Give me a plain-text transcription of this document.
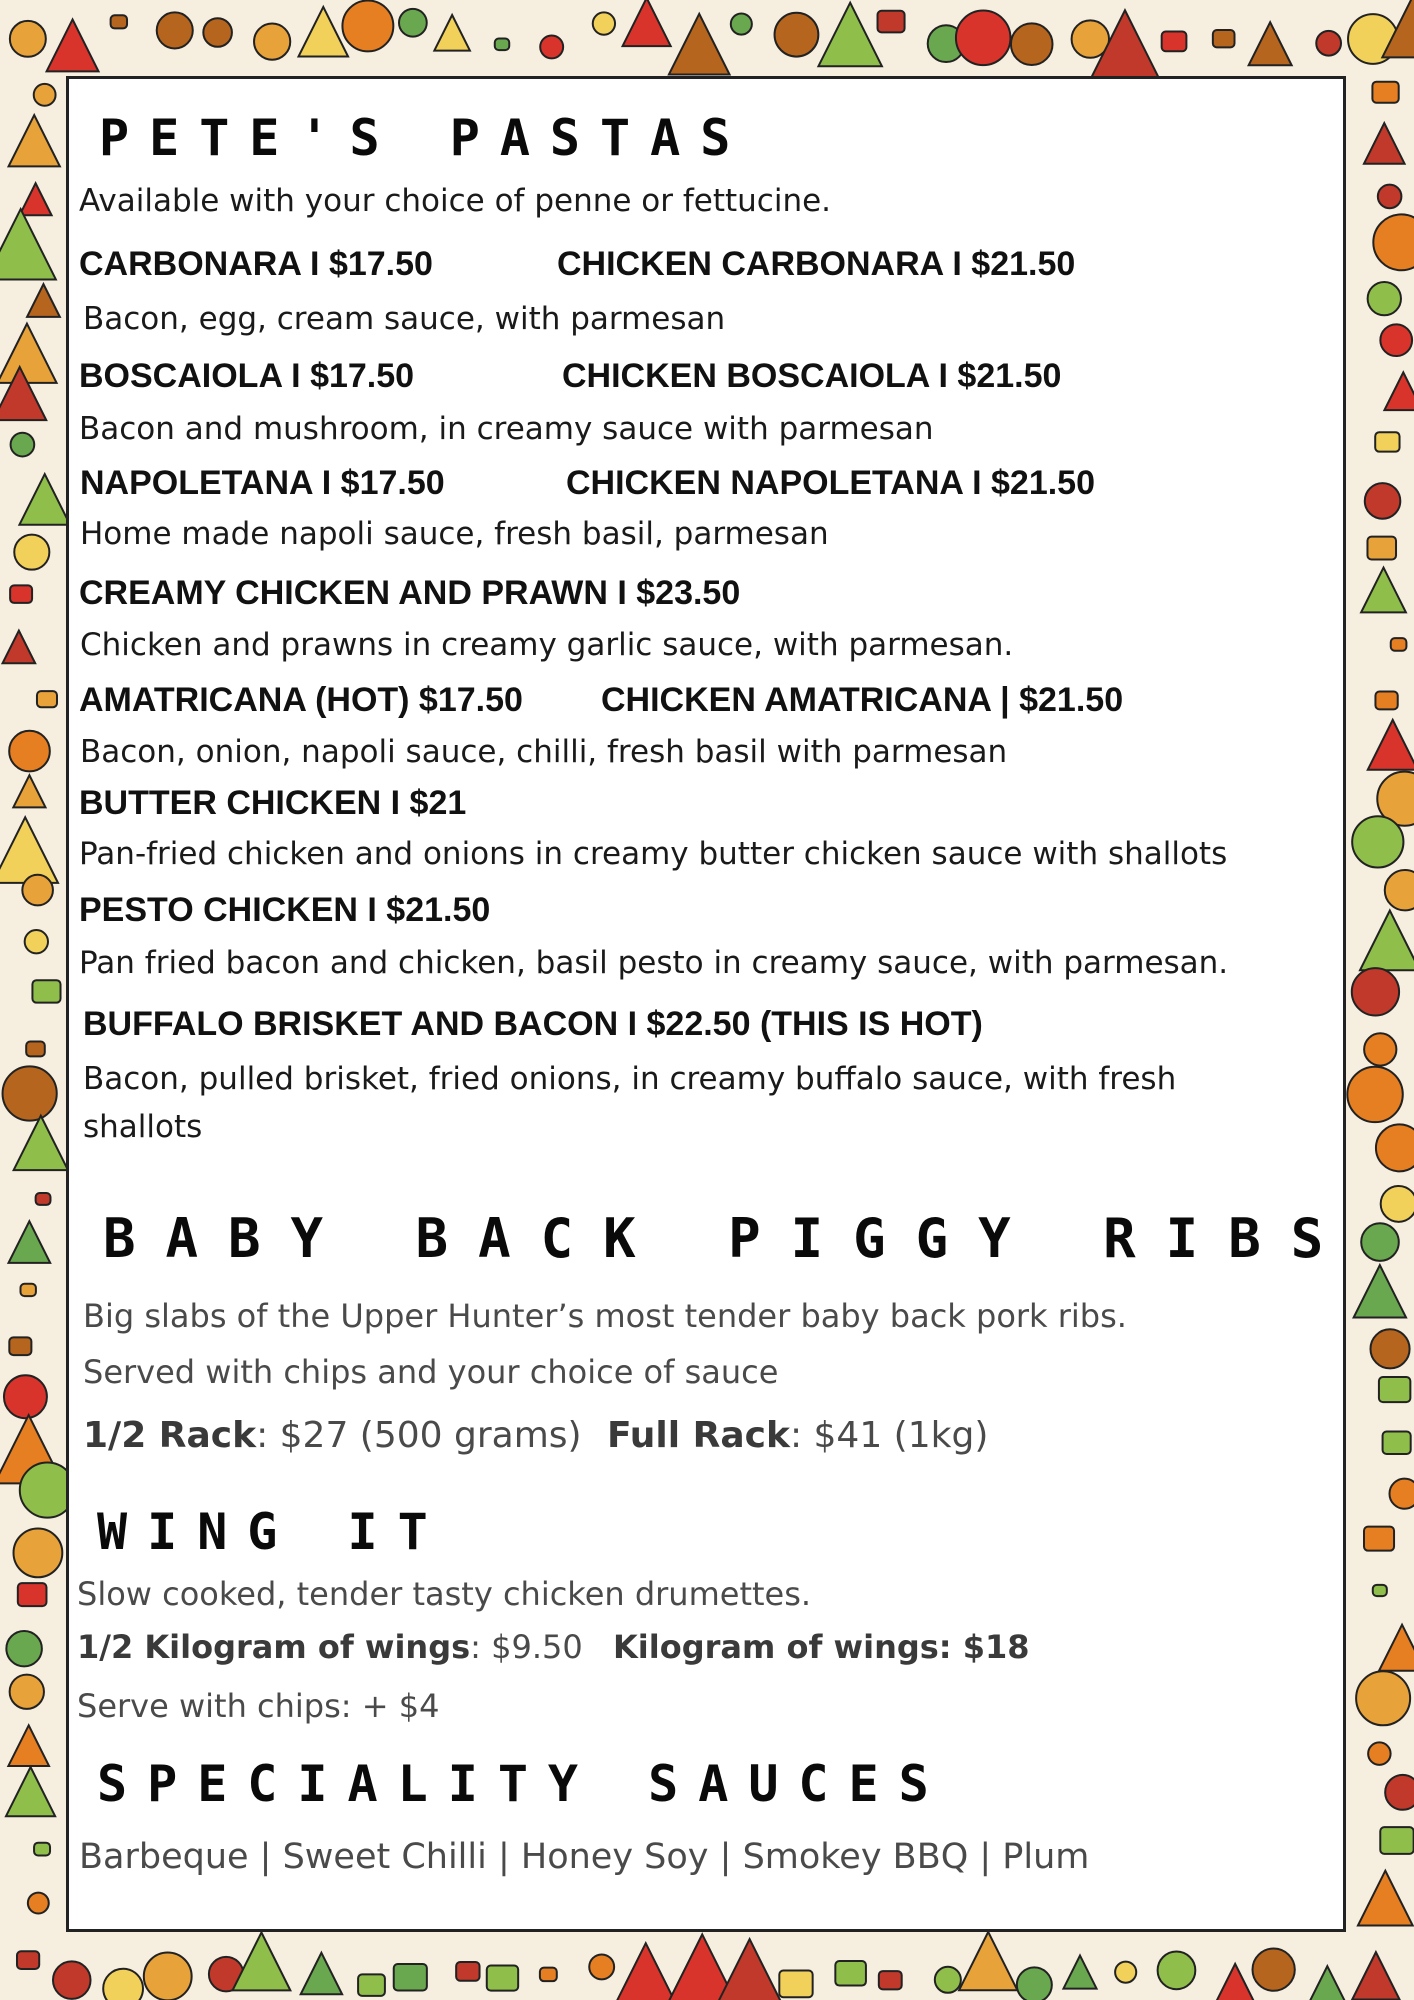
PETE'S PASTAS
Available with your choice of penne or fettucine.
CARBONARA I $17.50	CHICKEN CARBONARA I $21.50
Bacon, egg, cream sauce, with parmesan
BOSCAIOLA I $17.50	CHICKEN BOSCAIOLA I $21.50
Bacon and mushroom, in creamy sauce with parmesan
NAPOLETANA I $17.50	CHICKEN NAPOLETANA I $21.50
Home made napoli sauce, fresh basil, parmesan
CREAMY CHICKEN AND PRAWN I $23.50
Chicken and prawns in creamy garlic sauce, with parmesan.
AMATRICANA (HOT) $17.50 CHICKEN AMATRICANA | $21.50
Bacon, onion, napoli sauce, chilli, fresh basil with parmesan
BUTTER CHICKEN I $21
Pan-fried chicken and onions in creamy butter chicken sauce with shallots
PESTO CHICKEN I $21.50
Pan fried bacon and chicken, basil pesto in creamy sauce, with parmesan.
BUFFALO BRISKET AND BACON I $22.50 (THIS IS HOT)
Bacon, pulled brisket, fried onions, in creamy buffalo sauce, with fresh
shallots
BABY BACK PIGGY RIBS
Big slabs of the Upper Hunter’s most tender baby back pork ribs.
Served with chips and your choice of sauce
1/2 Rack: $27 (500 grams) Full Rack: $41 (1kg)
WING IT
Slow cooked, tender tasty chicken drumettes.
1/2 Kilogram of wings: $9.50 Kilogram of wings: $18
Serve with chips: + $4
SPECIALITY SAUCES
Barbeque | Sweet Chilli | Honey Soy | Smokey BBQ | Plum
